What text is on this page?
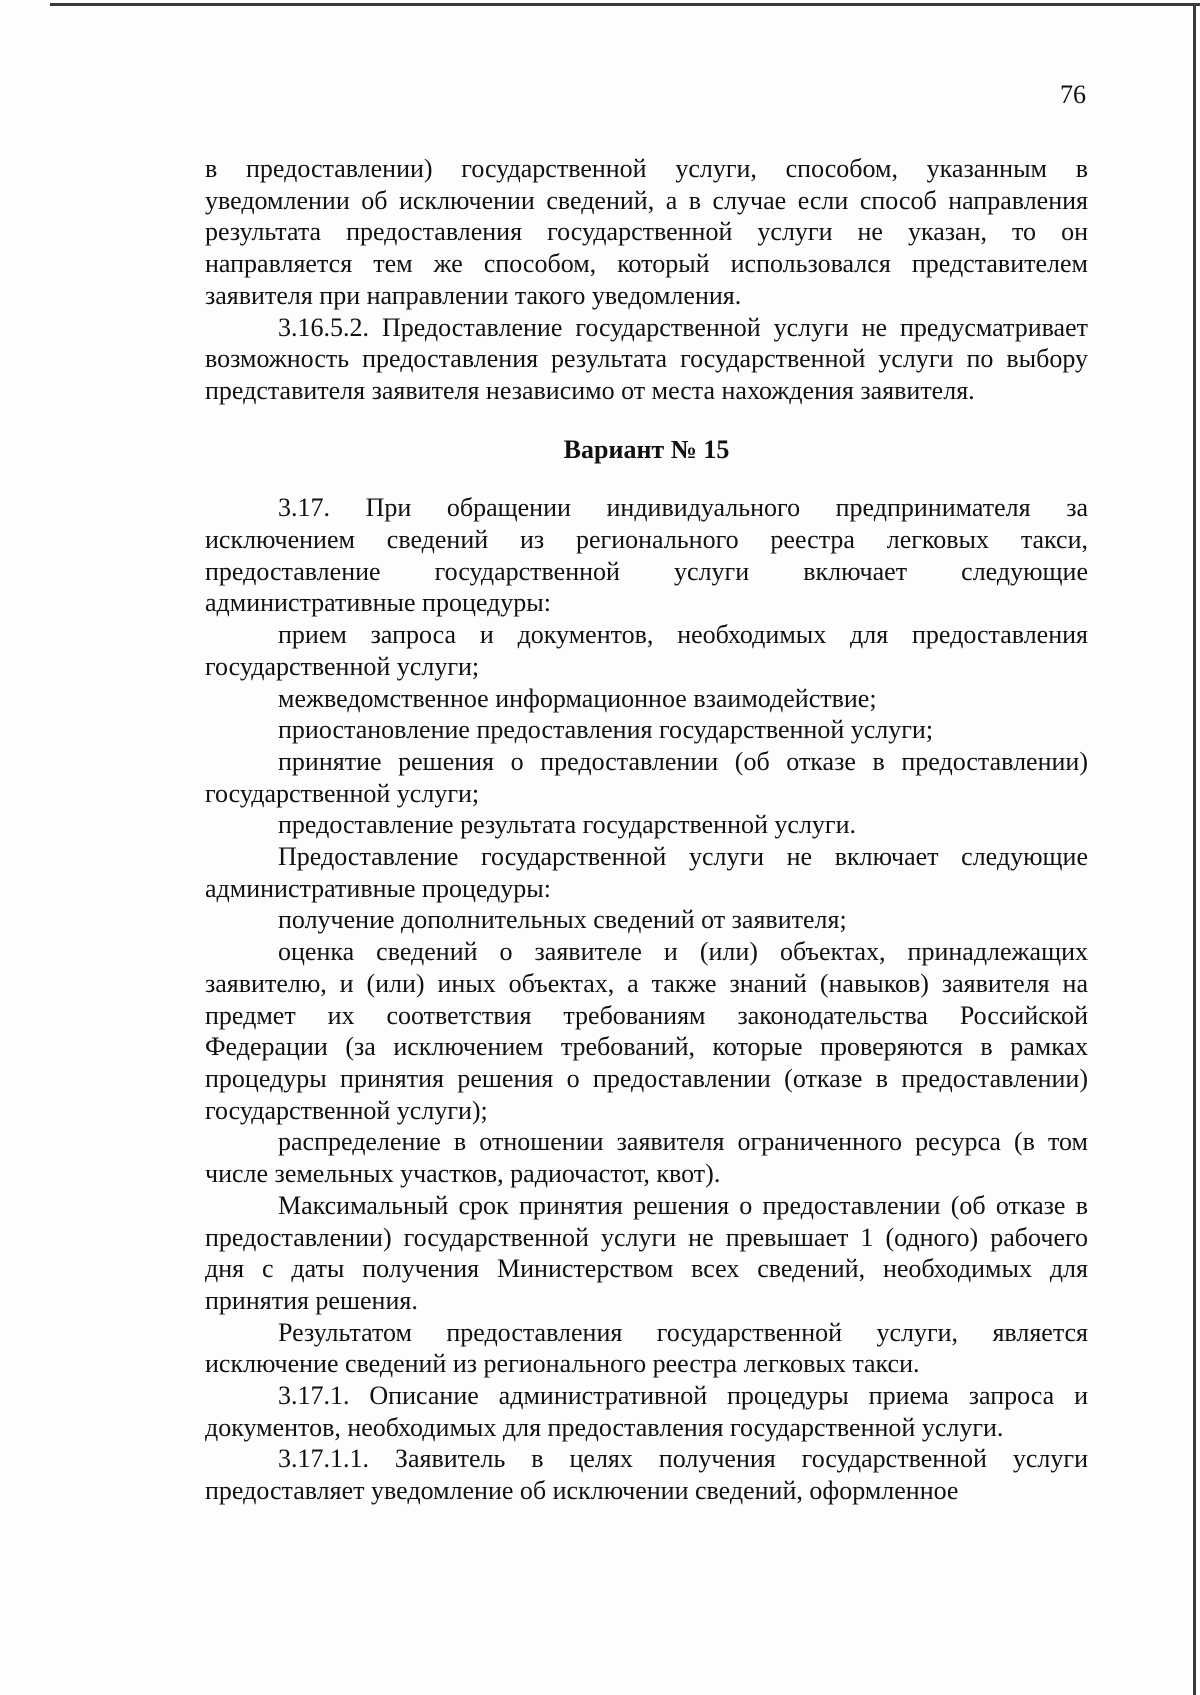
76

в предоставлении) государственной услуги, способом, указанным в уведомлении об исключении сведений, а в случае если способ направления результата предоставления государственной услуги не указан, то он направляется тем же способом, который использовался представителем заявителя при направлении такого уведомления.

3.16.5.2. Предоставление государственной услуги не предусматривает возможность предоставления результата государственной услуги по выбору представителя заявителя независимо от места нахождения заявителя.

Вариант № 15

3.17. При обращении индивидуального предпринимателя за исключением сведений из регионального реестра легковых такси, предоставление государственной услуги включает следующие административные процедуры:

прием запроса и документов, необходимых для предоставления государственной услуги;

межведомственное информационное взаимодействие;

приостановление предоставления государственной услуги;

принятие решения о предоставлении (об отказе в предоставлении) государственной услуги;

предоставление результата государственной услуги.

Предоставление государственной услуги не включает следующие административные процедуры:

получение дополнительных сведений от заявителя;

оценка сведений о заявителе и (или) объектах, принадлежащих заявителю, и (или) иных объектах, а также знаний (навыков) заявителя на предмет их соответствия требованиям законодательства Российской Федерации (за исключением требований, которые проверяются в рамках процедуры принятия решения о предоставлении (отказе в предоставлении) государственной услуги);

распределение в отношении заявителя ограниченного ресурса (в том числе земельных участков, радиочастот, квот).

Максимальный срок принятия решения о предоставлении (об отказе в предоставлении) государственной услуги не превышает 1 (одного) рабочего дня с даты получения Министерством всех сведений, необходимых для принятия решения.

Результатом предоставления государственной услуги, является исключение сведений из регионального реестра легковых такси.

3.17.1. Описание административной процедуры приема запроса и документов, необходимых для предоставления государственной услуги.

3.17.1.1. Заявитель в целях получения государственной услуги предоставляет уведомление об исключении сведений, оформленное
